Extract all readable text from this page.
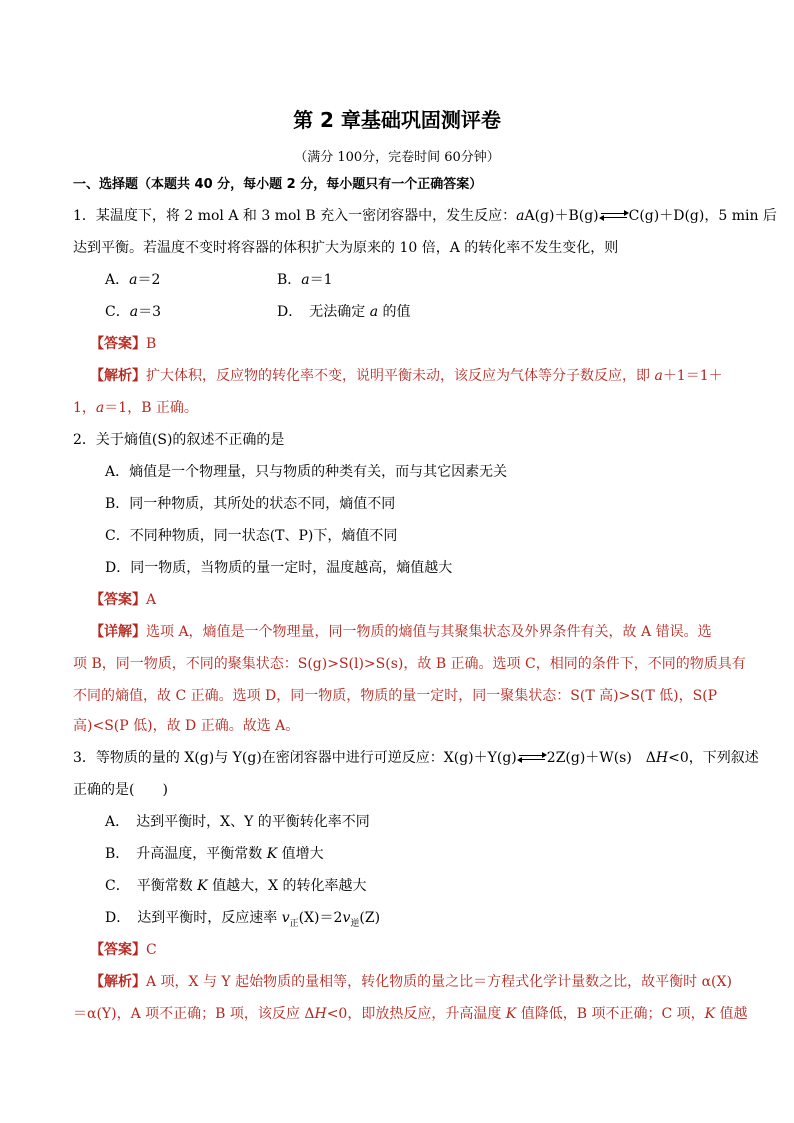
第 2 章基础巩固测评卷
（满分 100分，完卷时间 60分钟）
一、选择题（本题共 40 分，每小题 2 分，每小题只有一个正确答案）
1．某温度下，将 2 mol A 和 3 mol B 充入一密闭容器中，发生反应：aA(g)＋B(g) C(g)＋D(g)，5 min 后
达到平衡。若温度不变时将容器的体积扩大为原来的 10 倍，A 的转化率不发生变化，则
A．a＝2	B．a＝1
C．a＝3	D．　无法确定 a 的值
【答案】B
【解析】扩大体积，反应物的转化率不变，说明平衡未动，该反应为气体等分子数反应，即 a＋1＝1＋
1，a＝1，B 正确。
2．关于熵值(S)的叙述不正确的是
A．熵值是一个物理量，只与物质的种类有关，而与其它因素无关
B．同一种物质，其所处的状态不同，熵值不同
C．不同种物质，同一状态(T、P)下，熵值不同
D．同一物质，当物质的量一定时，温度越高，熵值越大
【答案】A
【详解】选项 A，熵值是一个物理量，同一物质的熵值与其聚集状态及外界条件有关，故 A 错误。选
项 B，同一物质，不同的聚集状态：S(g)>S(l)>S(s)，故 B 正确。选项 C，相同的条件下，不同的物质具有
不同的熵值，故 C 正确。选项 D，同一物质，物质的量一定时，同一聚集状态：S(T 高)>S(T 低)，S(P
高)<S(P 低)，故 D 正确。故选 A。
3．等物质的量的 X(g)与 Y(g)在密闭容器中进行可逆反应：X(g)＋Y(g) 2Z(g)＋W(s)　ΔH<0，下列叙述
正确的是(　　)
A．　达到平衡时，X、Y 的平衡转化率不同
B．　升高温度，平衡常数 K 值增大
C．　平衡常数 K 值越大，X 的转化率越大
D．　达到平衡时，反应速率 $v_正(X)=2v_逆(Z)$
【答案】C
【解析】A 项，X 与 Y 起始物质的量相等，转化物质的量之比＝方程式化学计量数之比，故平衡时 α(X)
＝α(Y)，A 项不正确；B 项，该反应 ΔH<0，即放热反应，升高温度 K 值降低，B 项不正确；C 项，K 值越
